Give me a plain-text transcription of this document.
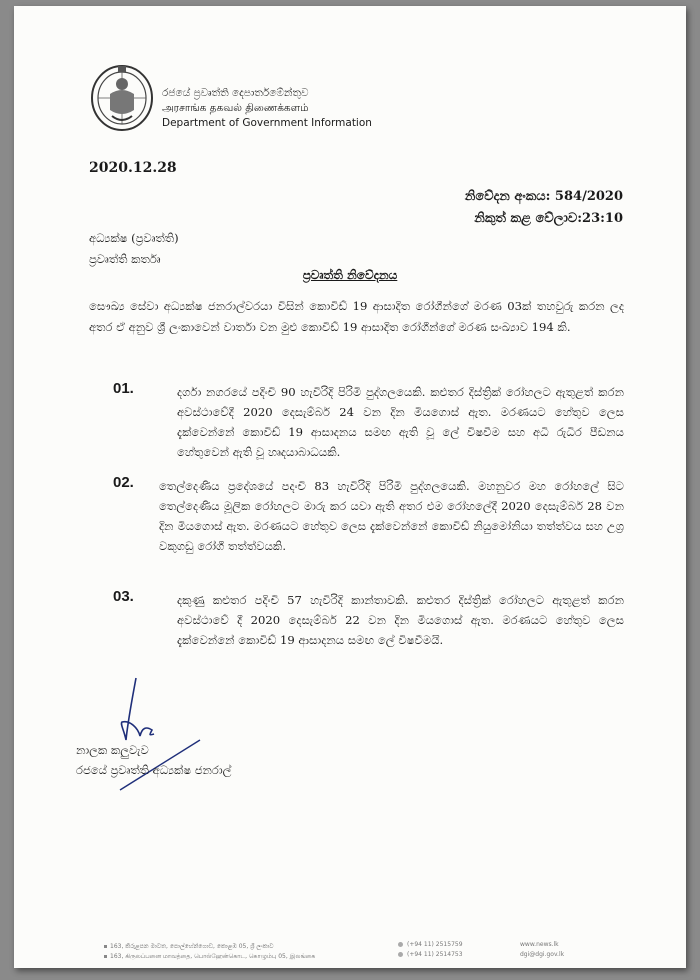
රජයේ ප්‍රවෘත්ති දෙපාර්තමේන්තුව
அரசாங்க தகவல் திணைக்களம்
Department of Government Information
2020.12.28
නිවේදන අංකය: 584/2020
නිකුත් කළ වේලාව:23:10
අධ්‍යක්ෂ (ප්‍රවෘත්ති)
ප්‍රවෘත්ති කර්තෘ
ප්‍රවෘත්ති නිවේදනය
සෞඛ්‍ය සේවා අධ්‍යක්ෂ ජනරාල්වරයා විසින් කොවිඩ් 19 ආසාදිත රෝගීන්ගේ මරණ 03ක් තහවුරු කරන ලද අතර ඒ අනුව ශ්‍රී ලංකාවෙන් වාර්තා වන මුළු කොවිඩ් 19 ආසාදිත රෝගීන්ගේ මරණ සංඛ්‍යාව 194 කි.
01.	දර්ගා නගරයේ පදිංචි 90 හැවිරිදි පිරිමි පුද්ගලයෙකි. කළුතර දිස්ත්‍රික් රෝහලට ඇතුළත් කරන අවස්ථාවේදී 2020 දෙසැම්බර් 24 වන දින මියගොස් ඇත. මරණයට හේතුව ලෙස දැක්වෙන්නේ කොවිඩ් 19 ආසාදනය සමඟ ඇති වූ ලේ විෂවීම සහ අධි රුධිර පීඩනය හේතුවෙන් ඇති වූ හෘදයාබාධයකි.
02. තෙල්දෙණිය ප්‍රදේශයේ පදංචි 83 හැවිරිදි පිරිමි පුද්ගලයෙකි. මහනුවර මහ රෝහලේ සිට තෙල්දෙණිය මූලික රෝහලට මාරු කර යවා ඇති අතර එම රෝහලේදී 2020 දෙසැම්බර් 28 වන දින මියගොස් ඇත. මරණයට හේතුව ලෙස දැක්වෙන්නේ කොවිඩ් නියුමෝනියා තත්ත්වය සහ උග්‍ර වකුගඩු රෝගී තත්ත්වයකි.
03.	දකුණු කළුතර පදිංචි 57 හැවිරිදි කාන්තාවකි. කළුතර දිස්ත්‍රික් රෝහලට ඇතුළත් කරන අවස්ථාවේ දී 2020 දෙසැම්බර් 22 වන දින මියගොස් ඇත. මරණයට හේතුව ලෙස දැක්වෙන්නේ කොවිඩ් 19 ආසාදනය සමඟ ලේ විෂවීමයි.
නාලක කලුවැව
රජයේ ප්‍රවෘත්ති අධ්‍යක්ෂ ජනරාල්
163, කිරුළපන මාවත, පොල්හේන්ගොඩ, කොළඹ 05, ශ්‍රී ලංකාව
163, கிருலப்பனை மாவத்தை, பொல்ஹேன்கொட, கொழும்பு 05, இலங்கை
(+94 11) 2515759
(+94 11) 2514753
www.news.lk
dgi@dgi.gov.lk
